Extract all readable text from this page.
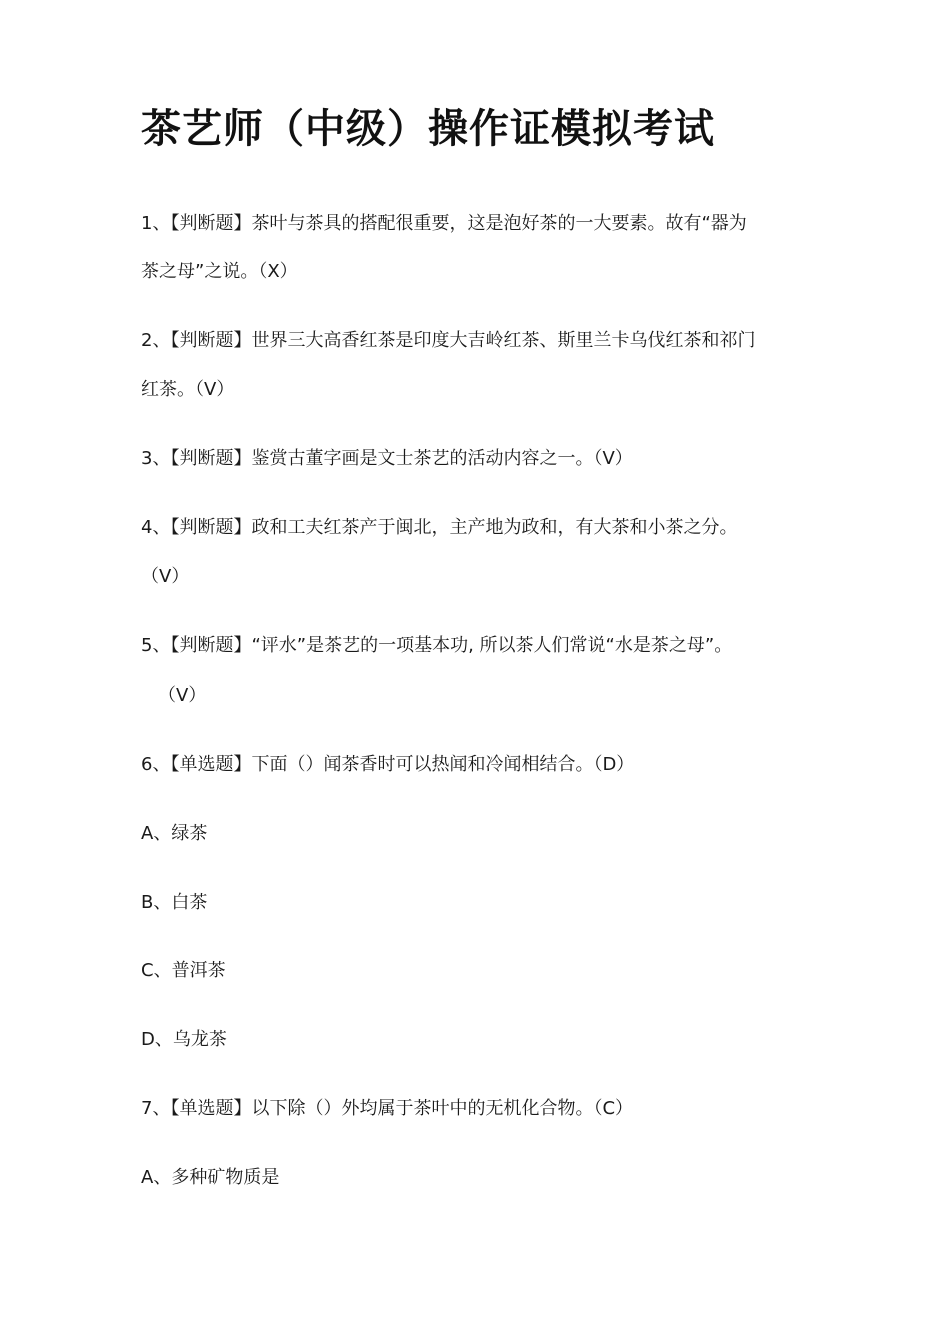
茶艺师（中级）操作证模拟考试

1、【判断题】茶叶与茶具的搭配很重要，这是泡好茶的一大要素。故有“器为

茶之母”之说。（X）

2、【判断题】世界三大高香红茶是印度大吉岭红茶、斯里兰卡乌伐红茶和祁门

红茶。（V）

3、【判断题】鉴赏古董字画是文士茶艺的活动内容之一。（V）

4、【判断题】政和工夫红茶产于闽北，主产地为政和，有大茶和小茶之分。

（V）

5、【判断题】“评水”是茶艺的一项基本功, 所以茶人们常说“水是茶之母”。

（V）

6、【单选题】下面（）闻茶香时可以热闻和冷闻相结合。（D）

A、绿茶

B、白茶

C、普洱茶

D、乌龙茶

7、【单选题】以下除（）外均属于茶叶中的无机化合物。（C）

A、多种矿物质是
